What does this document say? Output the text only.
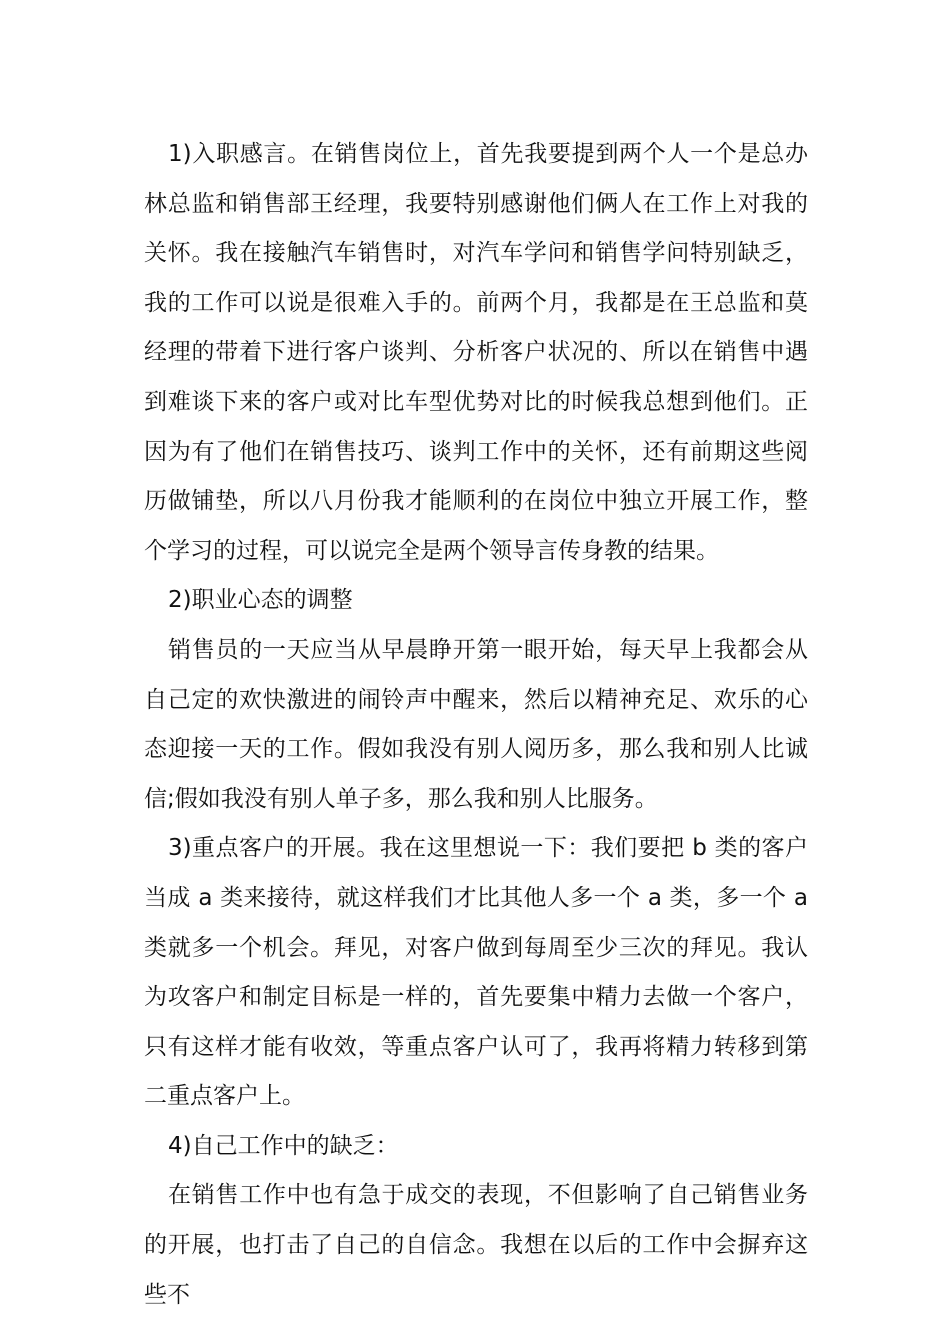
1)入职感言。在销售岗位上，首先我要提到两个人一个是总办林总监和销售部王经理，我要特别感谢他们俩人在工作上对我的关怀。我在接触汽车销售时，对汽车学问和销售学问特别缺乏，我的工作可以说是很难入手的。前两个月，我都是在王总监和莫经理的带着下进行客户谈判、分析客户状况的、所以在销售中遇到难谈下来的客户或对比车型优势对比的时候我总想到他们。正因为有了他们在销售技巧、谈判工作中的关怀，还有前期这些阅历做铺垫，所以八月份我才能顺利的在岗位中独立开展工作，整个学习的过程，可以说完全是两个领导言传身教的结果。

2)职业心态的调整

销售员的一天应当从早晨睁开第一眼开始，每天早上我都会从自己定的欢快激进的闹铃声中醒来，然后以精神充足、欢乐的心态迎接一天的工作。假如我没有别人阅历多，那么我和别人比诚信;假如我没有别人单子多，那么我和别人比服务。

3)重点客户的开展。我在这里想说一下：我们要把 b 类的客户当成 a 类来接待，就这样我们才比其他人多一个 a 类，多一个 a 类就多一个机会。拜见，对客户做到每周至少三次的拜见。我认为攻客户和制定目标是一样的，首先要集中精力去做一个客户，只有这样才能有收效，等重点客户认可了，我再将精力转移到第二重点客户上。

4)自己工作中的缺乏：

在销售工作中也有急于成交的表现，不但影响了自己销售业务的开展，也打击了自己的自信念。我想在以后的工作中会摒弃这些不
